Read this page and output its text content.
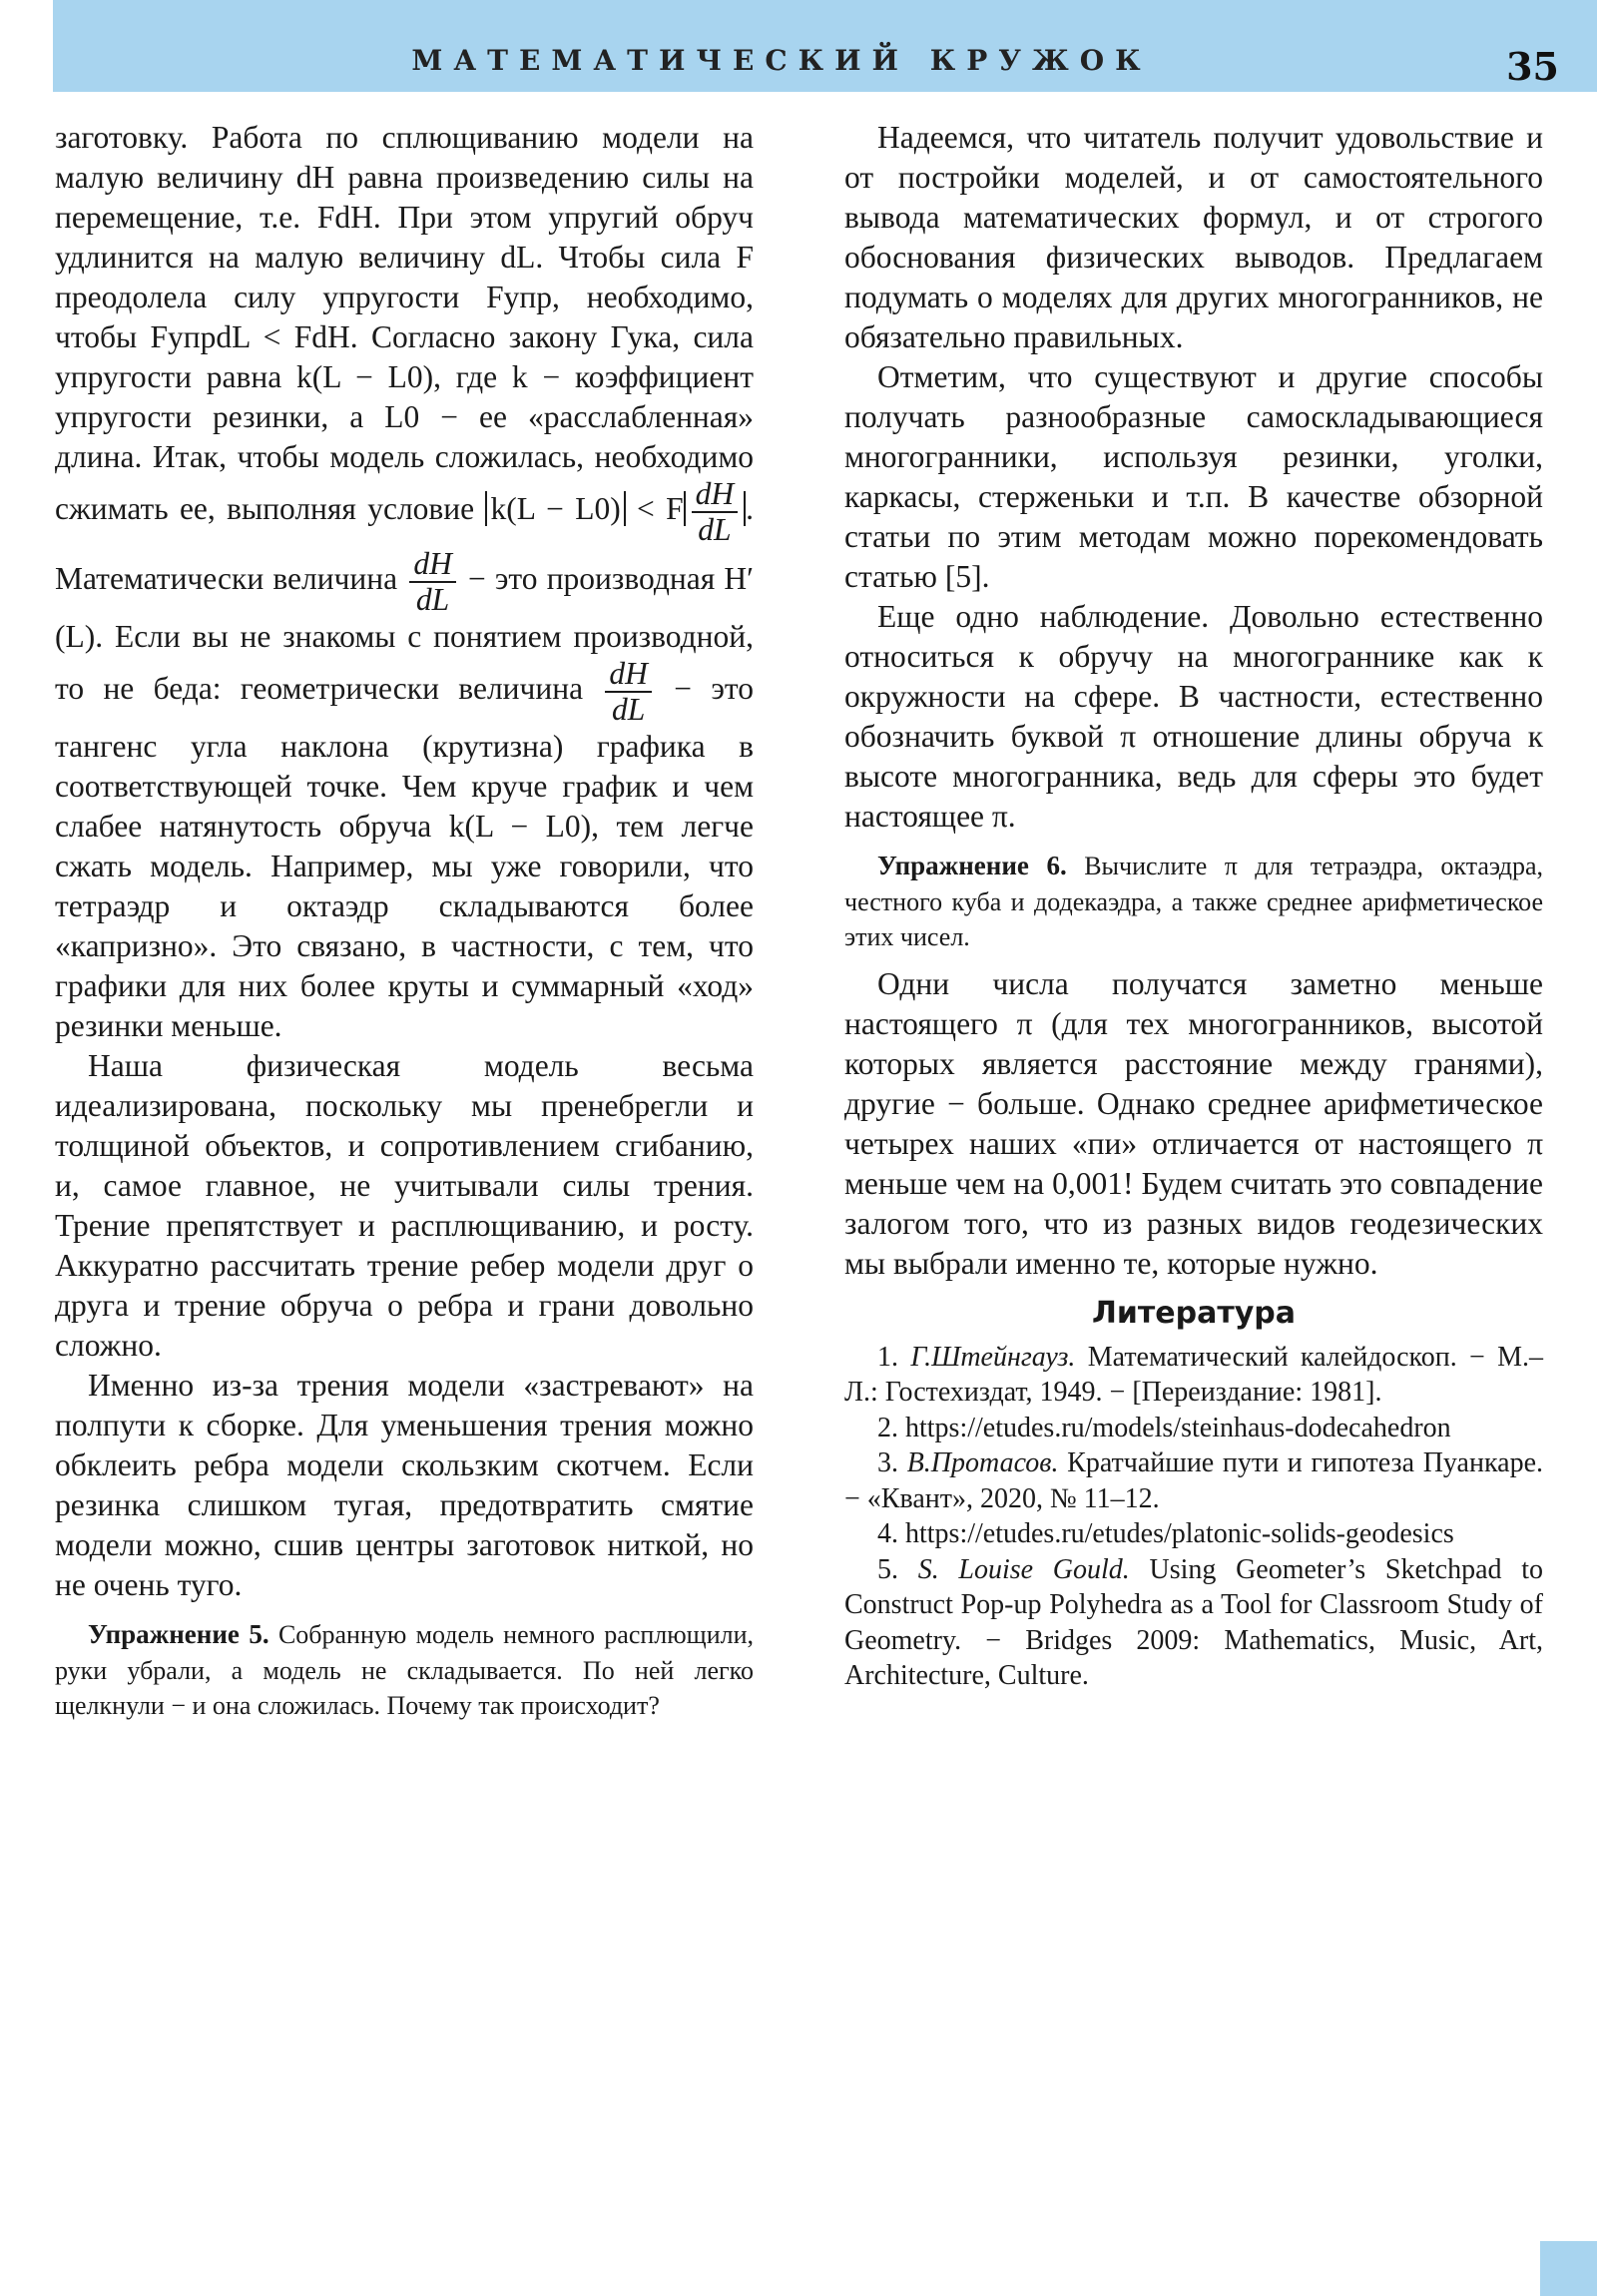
МАТЕМАТИЧЕСКИЙ КРУЖОК	35

заготовку. Работа по сплющиванию модели на малую величину dH равна произведению силы на перемещение, т.е. FdH. При этом упругий обруч удлинится на малую величину dL. Чтобы сила F преодолела силу упругости Fупр, необходимо, чтобы FупрdL < FdH. Согласно закону Гука, сила упругости равна k(L − L0), где k − коэффициент упругости резинки, а L0 − ее «расслабленная» длина. Итак, чтобы модель сложилась, необходимо сжимать ее, выполняя условие k(L − L0) < F $\frac{dH}{dL}$ . Математически величина $\frac{dH}{dL}$ − это производная H′(L). Если вы не знакомы с понятием производной, то не беда: геометрически величина $\frac{dH}{dL}$ − это тангенс угла наклона (крутизна) графика в соответствующей точке. Чем круче график и чем слабее натянутость обруча k(L − L0), тем легче сжать модель. Например, мы уже говорили, что тетраэдр и октаэдр складываются более «капризно». Это связано, в частности, с тем, что графики для них более круты и суммарный «ход» резинки меньше.

Наша физическая модель весьма идеализирована, поскольку мы пренебрегли и толщиной объектов, и сопротивлением сгибанию, и, самое главное, не учитывали силы трения. Трение препятствует и расплющиванию, и росту. Аккуратно рассчитать трение ребер модели друг о друга и трение обруча о ребра и грани довольно сложно.

Именно из-за трения модели «застревают» на полпути к сборке. Для уменьшения трения можно обклеить ребра модели скользким скотчем. Если резинка слишком тугая, предотвратить смятие модели можно, сшив центры заготовок ниткой, но не очень туго.

Упражнение 5. Собранную модель немного расплющили, руки убрали, а модель не складывается. По ней легко щелкнули − и она сложилась. Почему так происходит?

Надеемся, что читатель получит удовольствие и от постройки моделей, и от самостоятельного вывода математических формул, и от строгого обоснования физических выводов. Предлагаем подумать о моделях для других многогранников, не обязательно правильных.

Отметим, что существуют и другие способы получать разнообразные самоскладывающиеся многогранники, используя резинки, уголки, каркасы, стерженьки и т.п. В качестве обзорной статьи по этим методам можно порекомендовать статью [5].

Еще одно наблюдение. Довольно естественно относиться к обручу на многограннике как к окружности на сфере. В частности, естественно обозначить буквой π отношение длины обруча к высоте многогранника, ведь для сферы это будет настоящее π.

Упражнение 6. Вычислите π для тетраэдра, октаэдра, честного куба и додекаэдра, а также среднее арифметическое этих чисел.

Одни числа получатся заметно меньше настоящего π (для тех многогранников, высотой которых является расстояние между гранями), другие − больше. Однако среднее арифметическое четырех наших «пи» отличается от настоящего π меньше чем на 0,001! Будем считать это совпадение залогом того, что из разных видов геодезических мы выбрали именно те, которые нужно.

Литература

1. Г.Штейнгауз. Математический калейдоскоп. − М.–Л.: Гостехиздат, 1949. − [Переиздание: 1981].

2. https://etudes.ru/models/steinhaus-dodecahedron

3. В.Протасов. Кратчайшие пути и гипотеза Пуанкаре. − «Квант», 2020, № 11–12.

4. https://etudes.ru/etudes/platonic-solids-geodesics

5. S. Louise Gould. Using Geometer’s Sketchpad to Construct Pop-up Polyhedra as a Tool for Classroom Study of Geometry. − Bridges 2009: Mathematics, Music, Art, Architecture, Culture.
